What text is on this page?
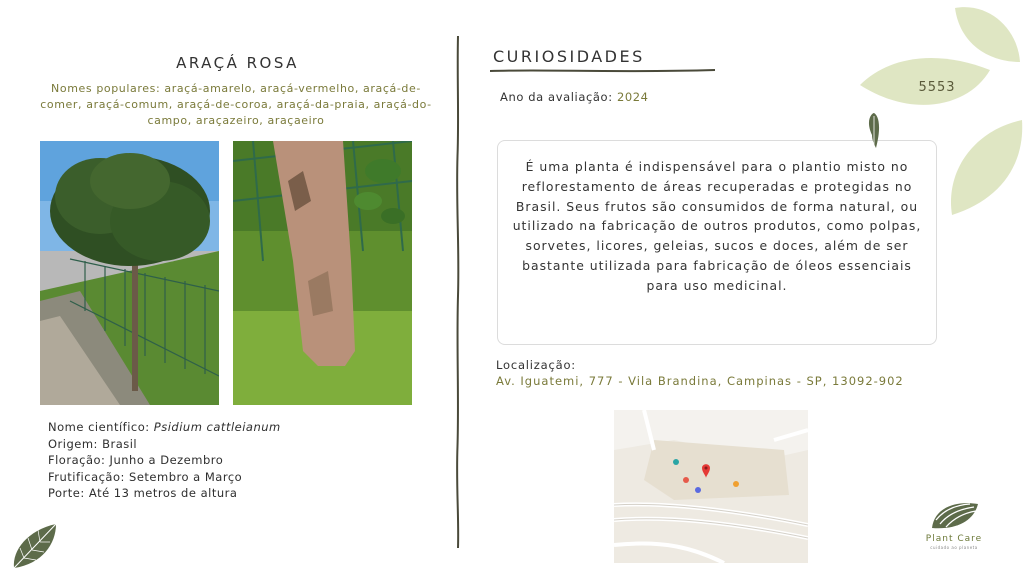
ARAÇÁ ROSA
Nomes populares: araçá-amarelo, araçá-vermelho, araçá-de-comer, araçá-comum, araçá-de-coroa, araçá-da-praia, araçá-do-campo, araçazeiro, araçaeiro
Nome científico: Psidium cattleianum
Origem: Brasil
Floração: Junho a Dezembro
Frutificação: Setembro a Março
Porte: Até 13 metros de altura
CURIOSIDADES
Ano da avaliação: 2024
É uma planta é indispensável para o plantio misto no reflorestamento de áreas recuperadas e protegidas no Brasil. Seus frutos são consumidos de forma natural, ou utilizado na fabricação de outros produtos, como polpas, sorvetes, licores, geleias, sucos e doces, além de ser bastante utilizada para fabricação de óleos essenciais para uso medicinal.
Localização:
Av. Iguatemi, 777 - Vila Brandina, Campinas - SP, 13092-902
5553
Plant Care
cuidado ao planeta
